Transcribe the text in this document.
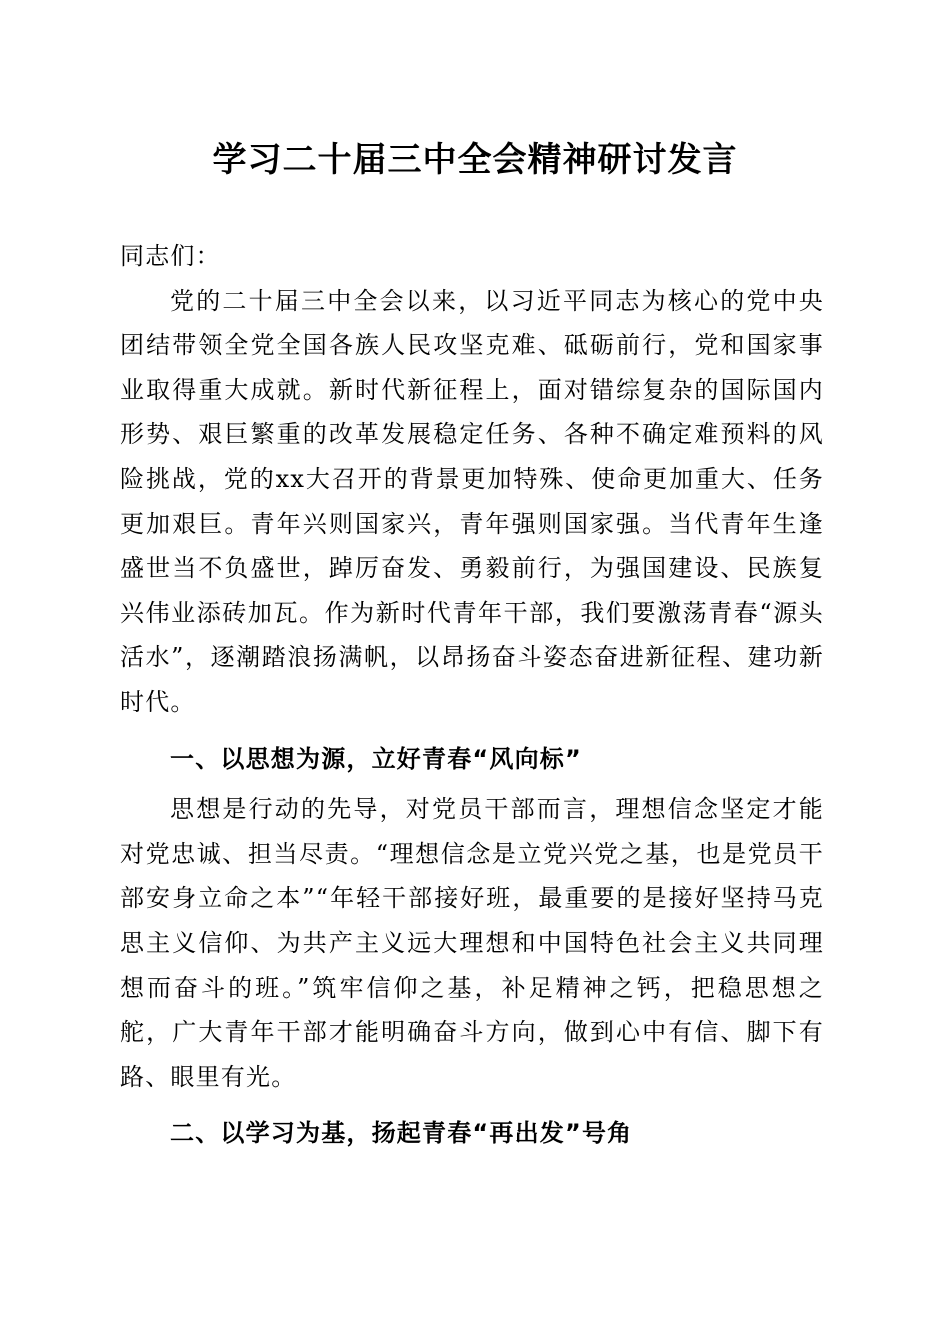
学习二十届三中全会精神研讨发言

同志们：

党的二十届三中全会以来，以习近平同志为核心的党中央团结带领全党全国各族人民攻坚克难、砥砺前行，党和国家事业取得重大成就。新时代新征程上，面对错综复杂的国际国内形势、艰巨繁重的改革发展稳定任务、各种不确定难预料的风险挑战，党的xx大召开的背景更加特殊、使命更加重大、任务更加艰巨。青年兴则国家兴，青年强则国家强。当代青年生逢盛世当不负盛世，踔厉奋发、勇毅前行，为强国建设、民族复兴伟业添砖加瓦。作为新时代青年干部，我们要激荡青春“源头活水”，逐潮踏浪扬满帆，以昂扬奋斗姿态奋进新征程、建功新时代。

一、以思想为源，立好青春“风向标”

思想是行动的先导，对党员干部而言，理想信念坚定才能对党忠诚、担当尽责。“理想信念是立党兴党之基，也是党员干部安身立命之本”“年轻干部接好班，最重要的是接好坚持马克思主义信仰、为共产主义远大理想和中国特色社会主义共同理想而奋斗的班。”筑牢信仰之基，补足精神之钙，把稳思想之舵，广大青年干部才能明确奋斗方向，做到心中有信、脚下有路、眼里有光。

二、以学习为基，扬起青春“再出发”号角
